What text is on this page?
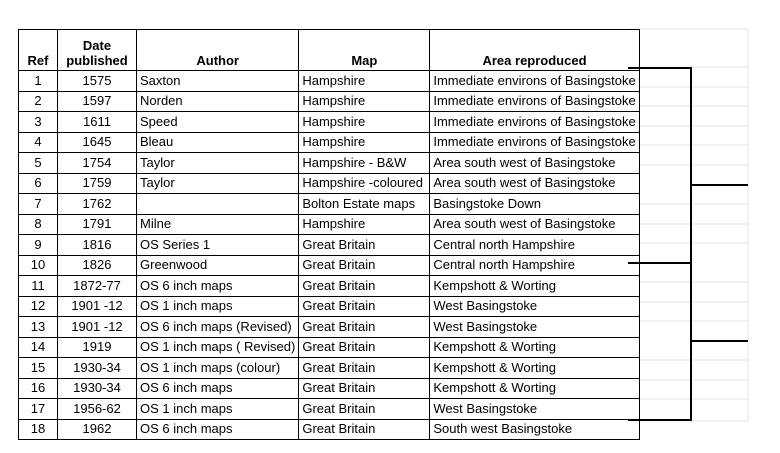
Ref	Date published	Author	Map	Area reproduced
1	1575	Saxton	Hampshire	Immediate environs of Basingstoke
2	1597	Norden	Hampshire	Immediate environs of Basingstoke
3	1611	Speed	Hampshire	Immediate environs of Basingstoke
4	1645	Bleau	Hampshire	Immediate environs of Basingstoke
5	1754	Taylor	Hampshire - B&W	Area south west of Basingstoke
6	1759	Taylor	Hampshire -coloured	Area south west of Basingstoke
7	1762		Bolton Estate maps	Basingstoke Down
8	1791	Milne	Hampshire	Area south west of Basingstoke
9	1816	OS Series 1	Great Britain	Central north Hampshire
10	1826	Greenwood	Great Britain	Central north Hampshire
11	1872-77	OS 6 inch maps	Great Britain	Kempshott & Worting
12	1901 -12	OS 1 inch maps	Great Britain	West Basingstoke
13	1901 -12	OS 6 inch maps (Revised)	Great Britain	West Basingstoke
14	1919	OS 1 inch maps ( Revised)	Great Britain	Kempshott & Worting
15	1930-34	OS 1 inch maps (colour)	Great Britain	Kempshott & Worting
16	1930-34	OS 6 inch maps	Great Britain	Kempshott & Worting
17	1956-62	OS 1 inch maps	Great Britain	West Basingstoke
18	1962	OS 6 inch maps	Great Britain	South west Basingstoke
